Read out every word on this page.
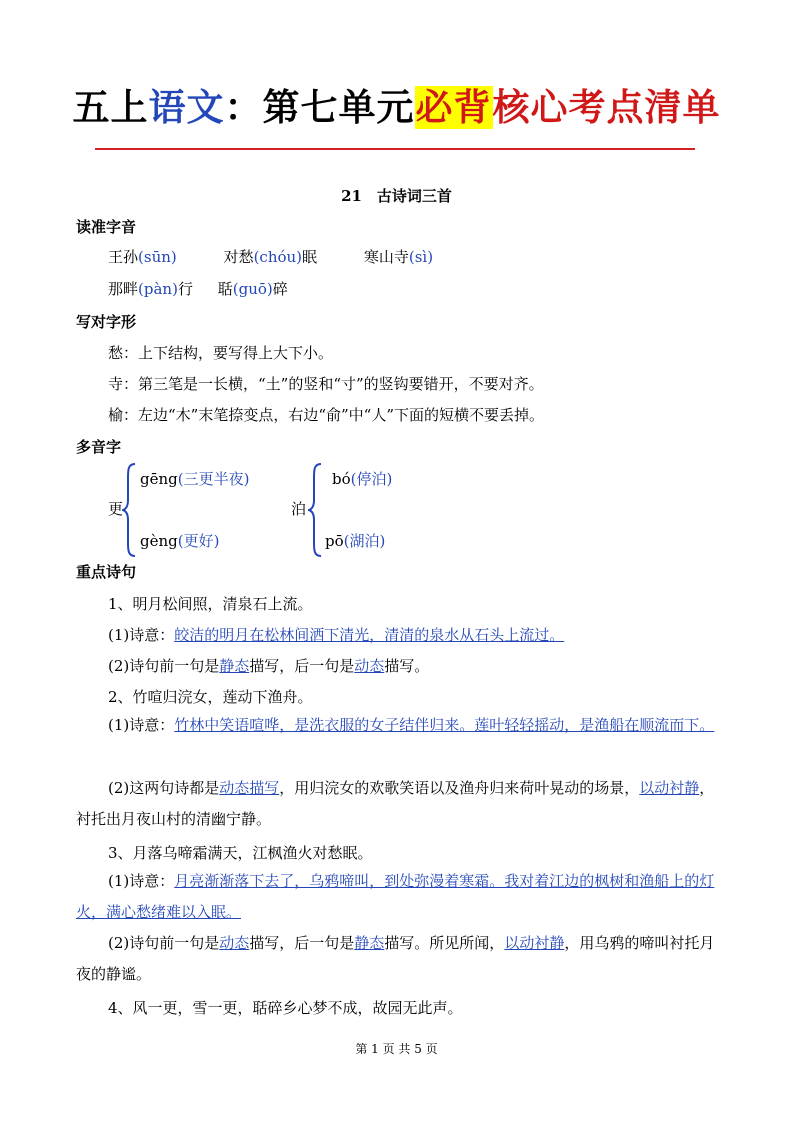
五上语文：第七单元必背核心考点清单
21　古诗词三首
读准字音
王孙(sūn)	对愁(chóu)眠	寒山寺(sì)
那畔(pàn)行 聒(guō)碎
写对字形
愁：上下结构，要写得上大下小。
寺：第三笔是一长横，“土”的竖和“寸”的竖钩要错开，不要对齐。
榆：左边“木”末笔捺变点，右边“俞”中“人”下面的短横不要丢掉。
多音字
更
gēng(三更半夜)
gèng(更好)
泊
bó(停泊)
pō(湖泊)
重点诗句
1、明月松间照，清泉石上流。
(1)诗意：皎洁的明月在松林间洒下清光，清清的泉水从石头上流过。
(2)诗句前一句是静态描写，后一句是动态描写。
2、竹喧归浣女，莲动下渔舟。
(1)诗意：竹林中笑语喧哗，是洗衣服的女子结伴归来。莲叶轻轻摇动，是渔船在顺流而下。
(2)这两句诗都是动态描写，用归浣女的欢歌笑语以及渔舟归来荷叶晃动的场景，以动衬静，衬托出月夜山村的清幽宁静。
3、月落乌啼霜满天，江枫渔火对愁眠。
(1)诗意：月亮渐渐落下去了，乌鸦啼叫，到处弥漫着寒霜。我对着江边的枫树和渔船上的灯火，满心愁绪难以入眠。
(2)诗句前一句是动态描写，后一句是静态描写。所见所闻，以动衬静，用乌鸦的啼叫衬托月夜的静谧。
4、风一更，雪一更，聒碎乡心梦不成，故园无此声。
第 1 页 共 5 页
